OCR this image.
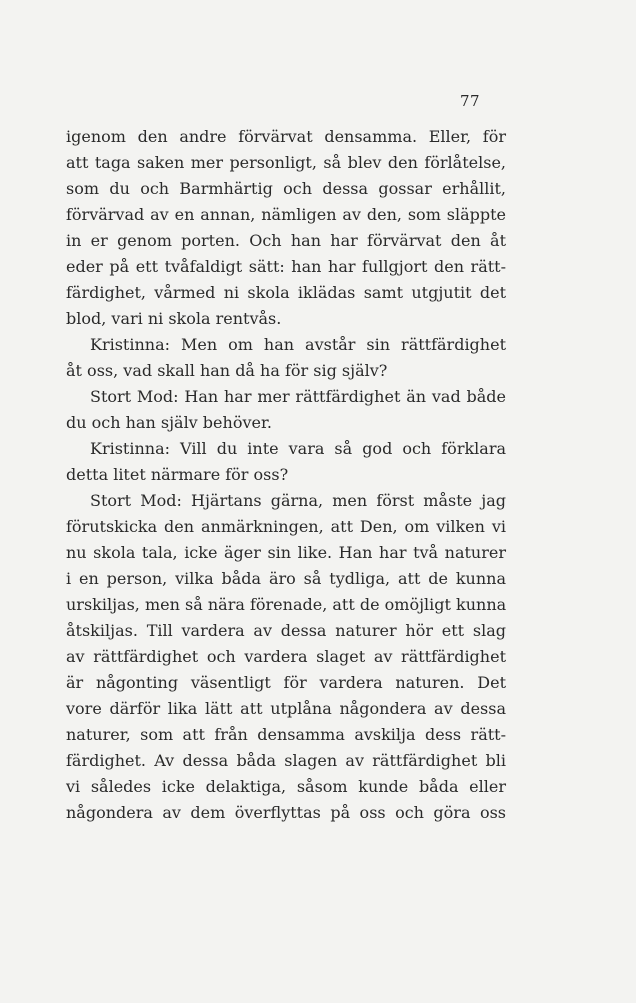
77
igenom den andre förvärvat densamma. Eller, för
att taga saken mer personligt, så blev den förlåtelse,
som du och Barmhärtig och dessa gossar erhållit,
förvärvad av en annan, nämligen av den, som släppte
in er genom porten. Och han har förvärvat den åt
eder på ett tvåfaldigt sätt: han har fullgjort den rätt-
färdighet, vårmed ni skola iklädas samt utgjutit det
blod, vari ni skola rentvås.
Kristinna: Men om han avstår sin rättfärdighet
åt oss, vad skall han då ha för sig själv?
Stort Mod: Han har mer rättfärdighet än vad både
du och han själv behöver.
Kristinna: Vill du inte vara så god och förklara
detta litet närmare för oss?
Stort Mod: Hjärtans gärna, men först måste jag
förutskicka den anmärkningen, att Den, om vilken vi
nu skola tala, icke äger sin like. Han har två naturer
i en person, vilka båda äro så tydliga, att de kunna
urskiljas, men så nära förenade, att de omöjligt kunna
åtskiljas. Till vardera av dessa naturer hör ett slag
av rättfärdighet och vardera slaget av rättfärdighet
är någonting väsentligt för vardera naturen. Det
vore därför lika lätt att utplåna någondera av dessa
naturer, som att från densamma avskilja dess rätt-
färdighet. Av dessa båda slagen av rättfärdighet bli
vi således icke delaktiga, såsom kunde båda eller
någondera av dem överflyttas på oss och göra oss
